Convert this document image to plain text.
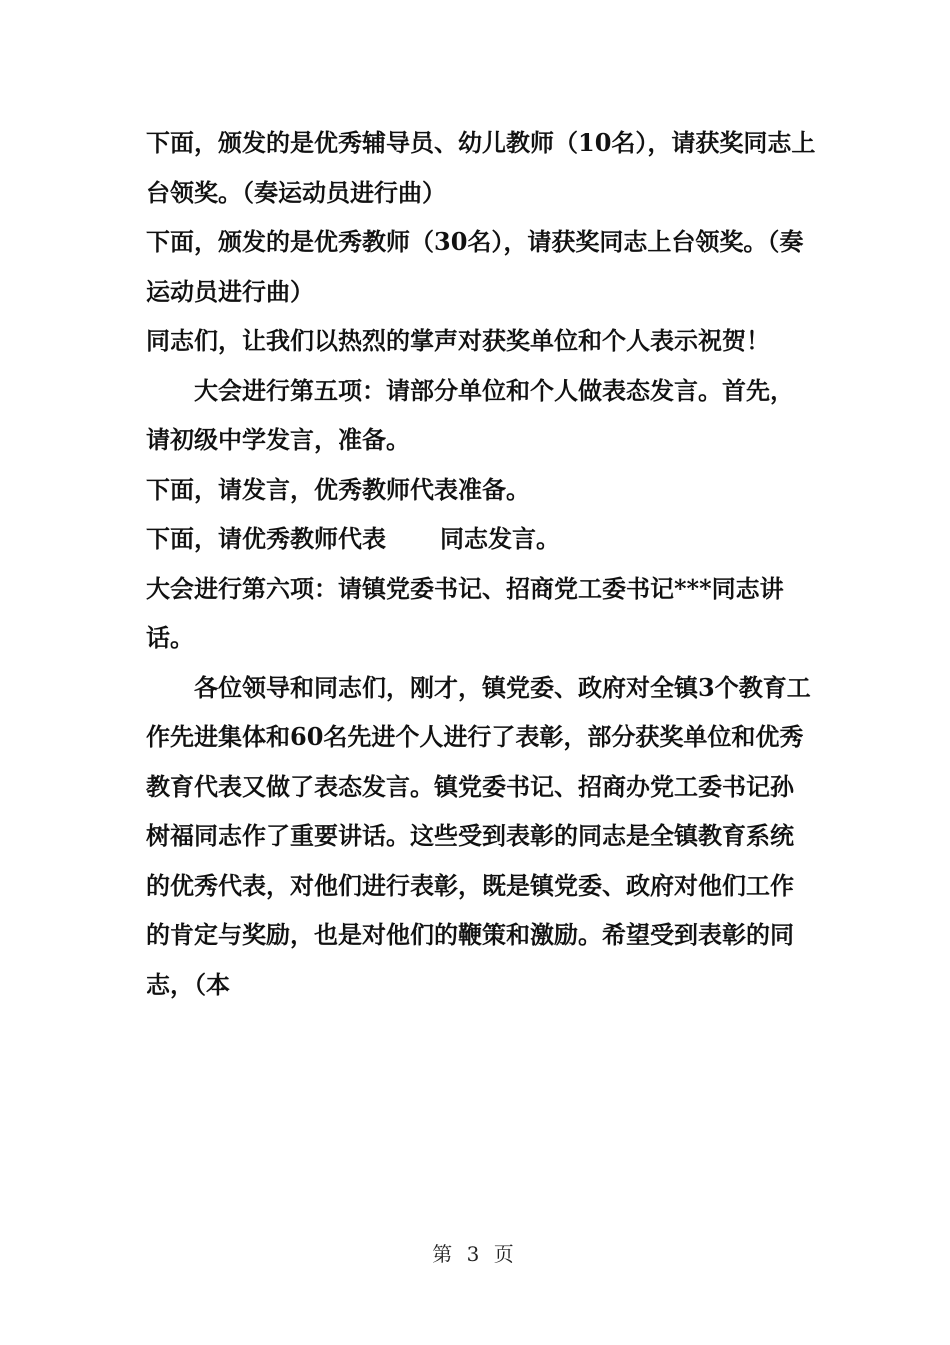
下面，颁发的是优秀辅导员、幼儿教师（10名），请获奖同志上台领奖。（奏运动员进行曲）

下面，颁发的是优秀教师（30名），请获奖同志上台领奖。（奏运动员进行曲）

同志们，让我们以热烈的掌声对获奖单位和个人表示祝贺！

大会进行第五项：请部分单位和个人做表态发言。首先，请初级中学发言，准备。

下面，请发言，优秀教师代表准备。

下面，请优秀教师代表 同志发言。

大会进行第六项：请镇党委书记、招商党工委书记***同志讲话。

各位领导和同志们，刚才，镇党委、政府对全镇3个教育工作先进集体和60名先进个人进行了表彰，部分获奖单位和优秀教育代表又做了表态发言。镇党委书记、招商办党工委书记孙树福同志作了重要讲话。这些受到表彰的同志是全镇教育系统的优秀代表，对他们进行表彰，既是镇党委、政府对他们工作的肯定与奖励，也是对他们的鞭策和激励。希望受到表彰的同志，（本

第 3 页
